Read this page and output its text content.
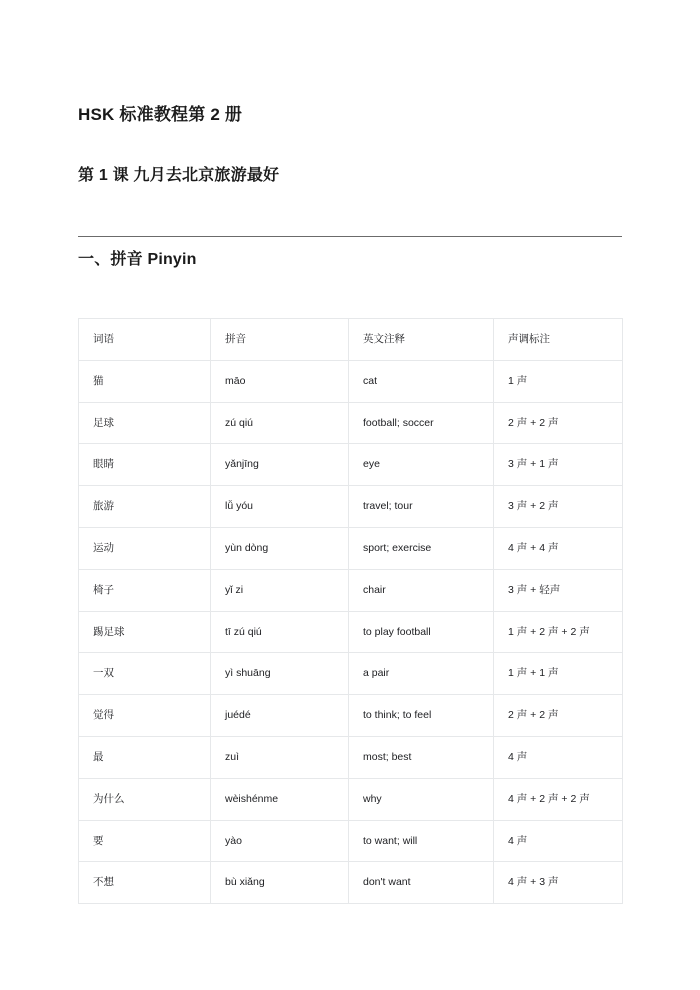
HSK 标准教程第 2 册
第 1 课 九月去北京旅游最好
一、拼音 Pinyin
词语	拼音	英文注释	声调标注
猫	māo	cat	1 声
足球	zú qiú	football; soccer	2 声 + 2 声
眼睛	yǎnjīng	eye	3 声 + 1 声
旅游	lǚ yóu	travel; tour	3 声 + 2 声
运动	yùn dòng	sport; exercise	4 声 + 4 声
椅子	yǐ zi	chair	3 声 + 轻声
踢足球	tī zú qiú	to play football	1 声 + 2 声 + 2 声
一双	yì shuāng	a pair	1 声 + 1 声
觉得	juédé	to think; to feel	2 声 + 2 声
最	zuì	most; best	4 声
为什么	wèishénme	why	4 声 + 2 声 + 2 声
要	yào	to want; will	4 声
不想	bù xiǎng	don't want	4 声 + 3 声
